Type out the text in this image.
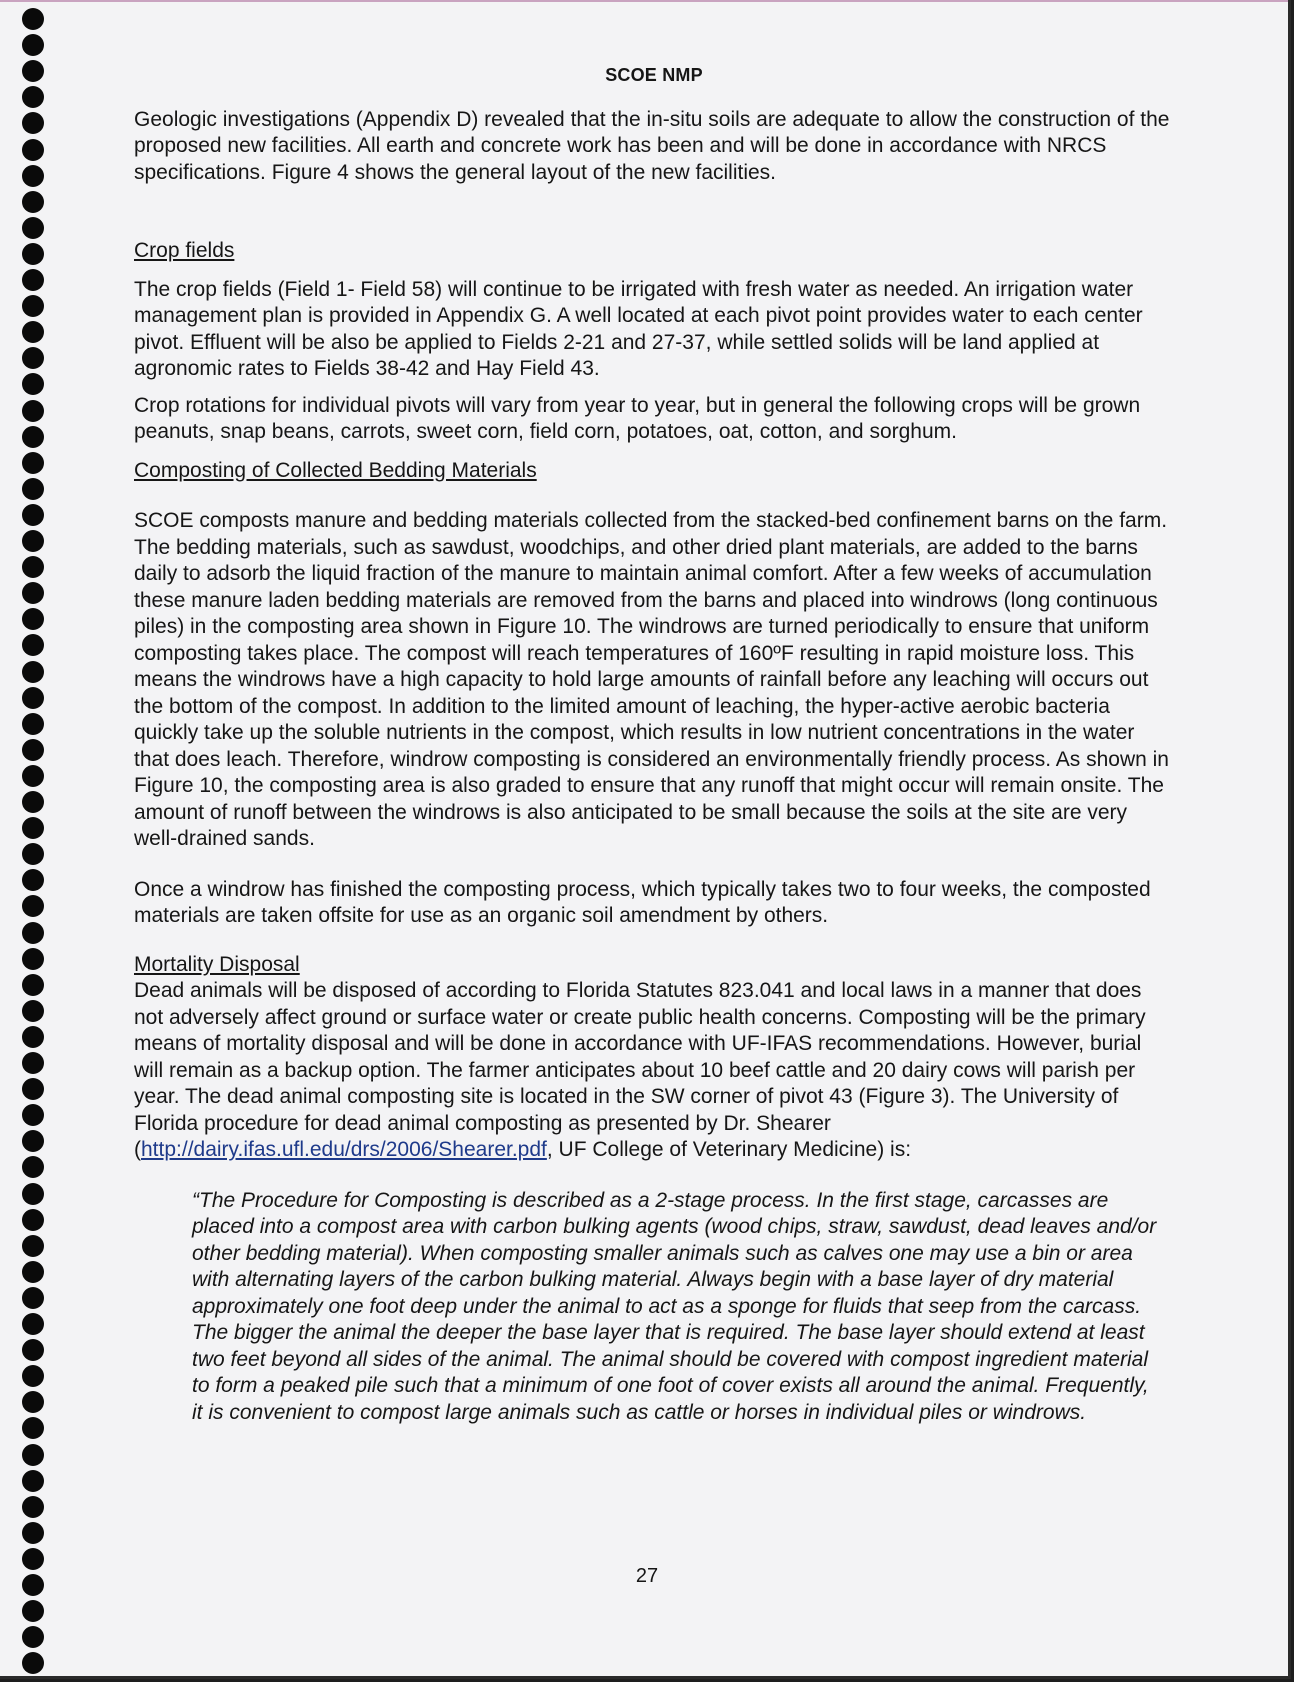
SCOE NMP

Geologic investigations (Appendix D) revealed that the in-situ soils are adequate to allow the construction of the proposed new facilities. All earth and concrete work has been and will be done in accordance with NRCS specifications. Figure 4 shows the general layout of the new facilities.

Crop fields

The crop fields (Field 1- Field 58) will continue to be irrigated with fresh water as needed. An irrigation water management plan is provided in Appendix G. A well located at each pivot point provides water to each center pivot. Effluent will be also be applied to Fields 2-21 and 27-37, while settled solids will be land applied at agronomic rates to Fields 38-42 and Hay Field 43.

Crop rotations for individual pivots will vary from year to year, but in general the following crops will be grown peanuts, snap beans, carrots, sweet corn, field corn, potatoes, oat, cotton, and sorghum.

Composting of Collected Bedding Materials

SCOE composts manure and bedding materials collected from the stacked-bed confinement barns on the farm. The bedding materials, such as sawdust, woodchips, and other dried plant materials, are added to the barns daily to adsorb the liquid fraction of the manure to maintain animal comfort. After a few weeks of accumulation these manure laden bedding materials are removed from the barns and placed into windrows (long continuous piles) in the composting area shown in Figure 10. The windrows are turned periodically to ensure that uniform composting takes place. The compost will reach temperatures of 160ºF resulting in rapid moisture loss. This means the windrows have a high capacity to hold large amounts of rainfall before any leaching will occurs out the bottom of the compost. In addition to the limited amount of leaching, the hyper-active aerobic bacteria quickly take up the soluble nutrients in the compost, which results in low nutrient concentrations in the water that does leach. Therefore, windrow composting is considered an environmentally friendly process. As shown in Figure 10, the composting area is also graded to ensure that any runoff that might occur will remain onsite. The amount of runoff between the windrows is also anticipated to be small because the soils at the site are very well-drained sands.

Once a windrow has finished the composting process, which typically takes two to four weeks, the composted materials are taken offsite for use as an organic soil amendment by others.

Mortality Disposal

Dead animals will be disposed of according to Florida Statutes 823.041 and local laws in a manner that does not adversely affect ground or surface water or create public health concerns. Composting will be the primary means of mortality disposal and will be done in accordance with UF-IFAS recommendations. However, burial will remain as a backup option. The farmer anticipates about 10 beef cattle and 20 dairy cows will parish per year. The dead animal composting site is located in the SW corner of pivot 43 (Figure 3). The University of Florida procedure for dead animal composting as presented by Dr. Shearer (http://dairy.ifas.ufl.edu/drs/2006/Shearer.pdf, UF College of Veterinary Medicine) is:

“The Procedure for Composting is described as a 2-stage process. In the first stage, carcasses are placed into a compost area with carbon bulking agents (wood chips, straw, sawdust, dead leaves and/or other bedding material). When composting smaller animals such as calves one may use a bin or area with alternating layers of the carbon bulking material. Always begin with a base layer of dry material approximately one foot deep under the animal to act as a sponge for fluids that seep from the carcass. The bigger the animal the deeper the base layer that is required. The base layer should extend at least two feet beyond all sides of the animal. The animal should be covered with compost ingredient material to form a peaked pile such that a minimum of one foot of cover exists all around the animal. Frequently, it is convenient to compost large animals such as cattle or horses in individual piles or windrows.

27
